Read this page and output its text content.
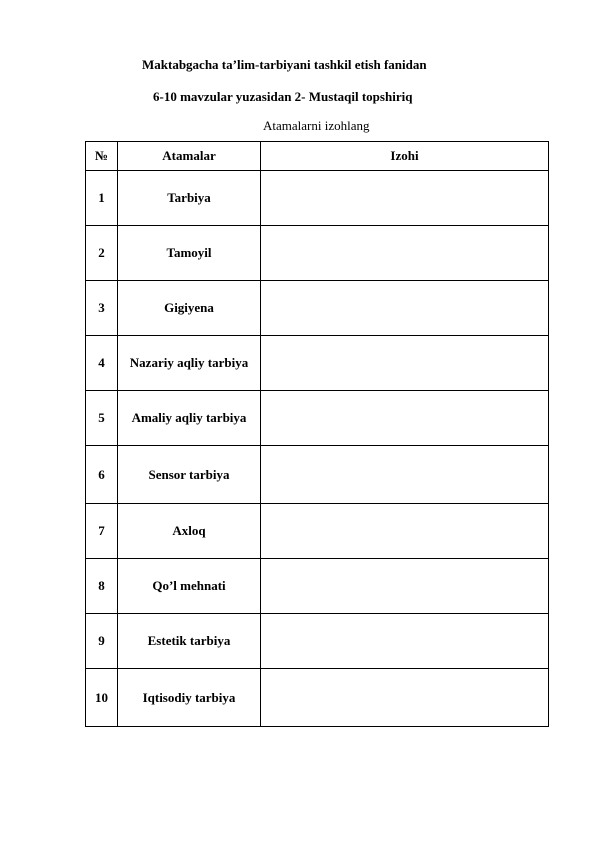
Maktabgacha ta’lim-tarbiyani tashkil etish fanidan
6-10 mavzular yuzasidan 2- Mustaqil topshiriq
Atamalarni izohlang
№	Atamalar	Izohi
1	Tarbiya	
2	Tamoyil	
3	Gigiyena	
4	Nazariy aqliy tarbiya	
5	Amaliy aqliy tarbiya	
6	Sensor tarbiya	
7	Axloq	
8	Qo’l mehnati	
9	Estetik tarbiya	
10	Iqtisodiy tarbiya	
